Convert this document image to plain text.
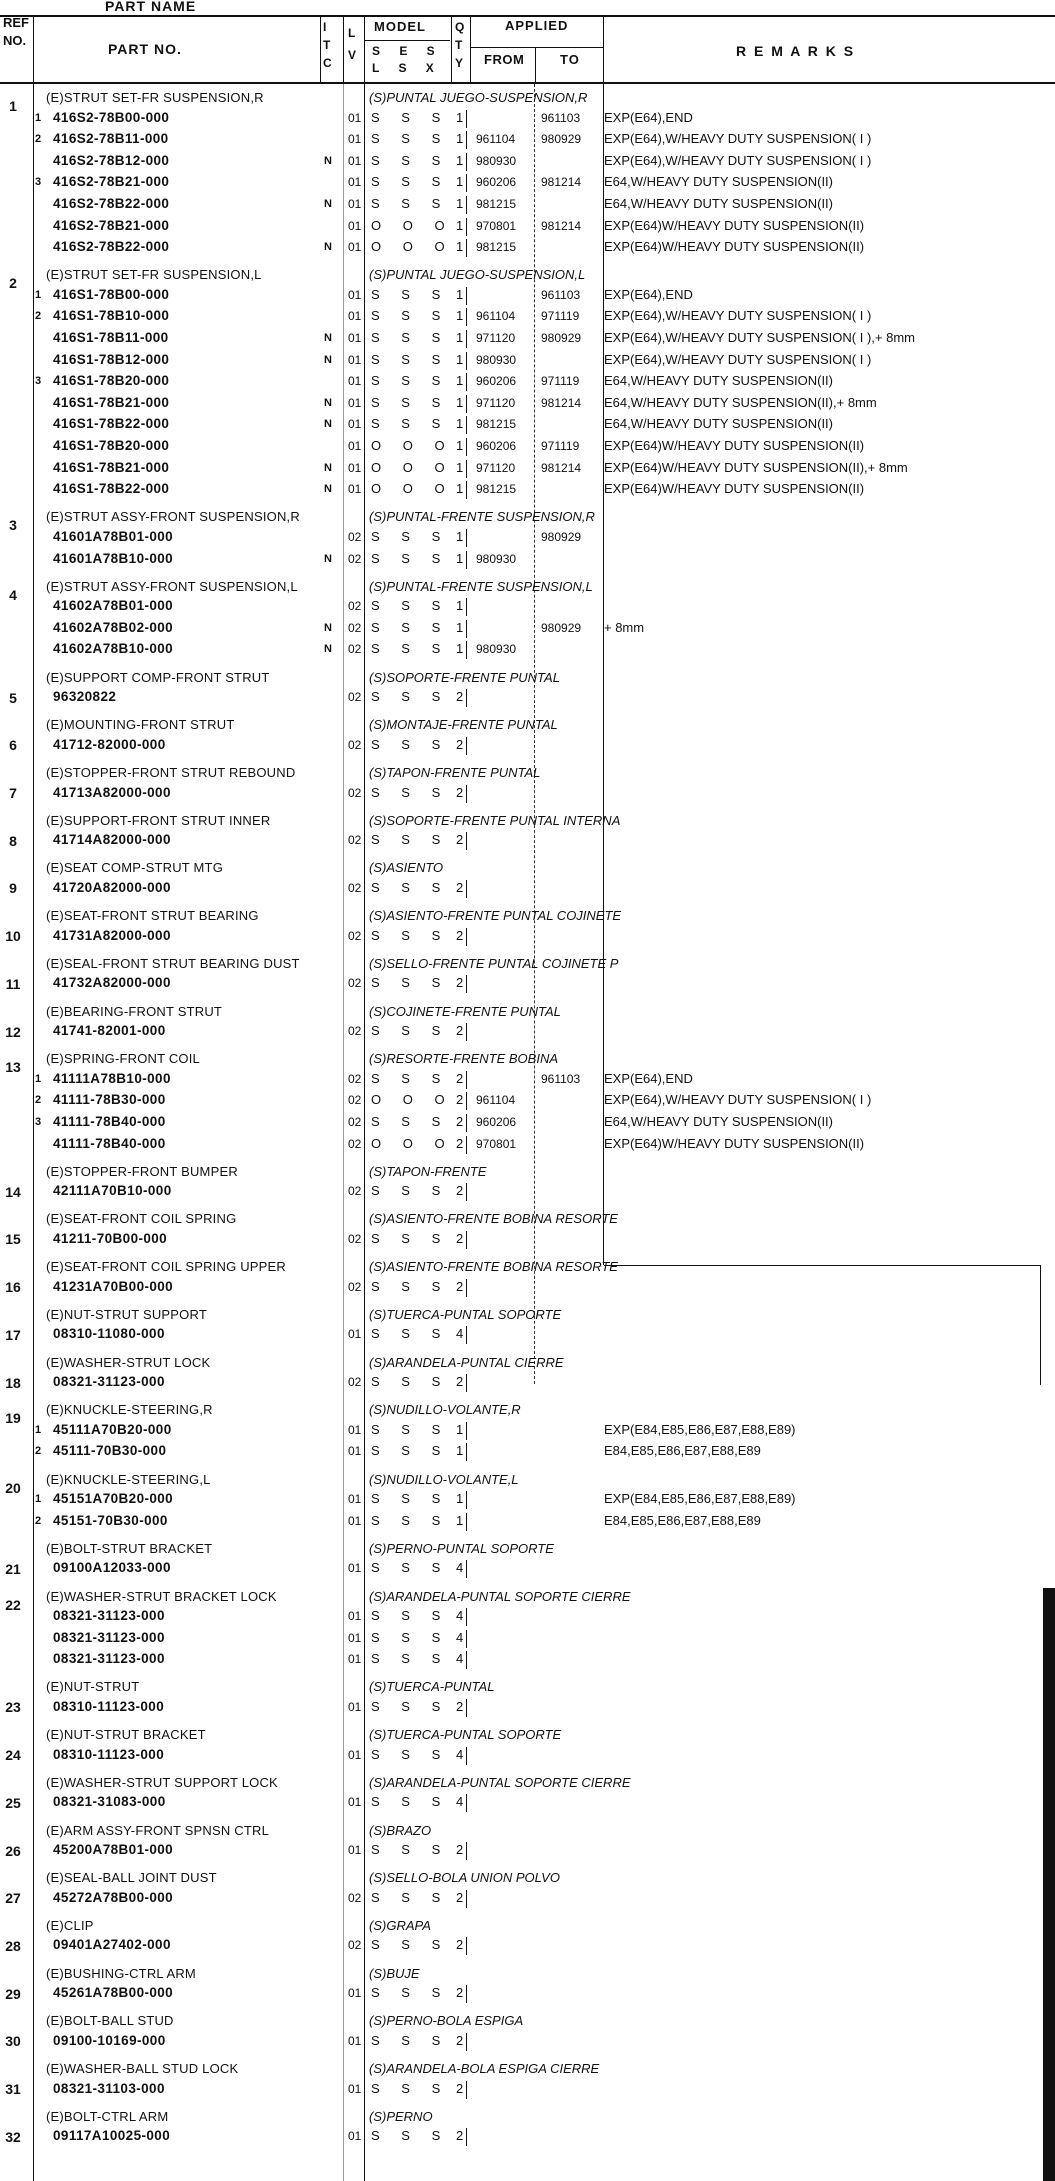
PART NAME
REF NO.
PART NO.
I T C
L V
MODEL
S E S L S X
Q T Y
APPLIED
FROM	TO
R E M A R K S
1
(E)STRUT SET-FR SUSPENSION,R	(S)PUNTAL JUEGO-SUSPENSION,R
1 416S2-78B00-000	01 S S S 1	961103 EXP(E64),END
2 416S2-78B11-000	01 S S S 1 961104 980929 EXP(E64),W/HEAVY DUTY SUSPENSION( I )
416S2-78B12-000	N 01 S S S 1 980930	EXP(E64),W/HEAVY DUTY SUSPENSION( I )
3 416S2-78B21-000	01 S S S 1 960206 981214 E64,W/HEAVY DUTY SUSPENSION(II)
416S2-78B22-000	N 01 S S S 1 981215	E64,W/HEAVY DUTY SUSPENSION(II)
416S2-78B21-000	01 O O O 1 970801 981214 EXP(E64)W/HEAVY DUTY SUSPENSION(II)
416S2-78B22-000	N 01 O O O 1 981215	EXP(E64)W/HEAVY DUTY SUSPENSION(II)
2
(E)STRUT SET-FR SUSPENSION,L	(S)PUNTAL JUEGO-SUSPENSION,L
1 416S1-78B00-000	01 S S S 1	961103 EXP(E64),END
2 416S1-78B10-000	01 S S S 1 961104 971119 EXP(E64),W/HEAVY DUTY SUSPENSION( I )
416S1-78B11-000	N 01 S S S 1 971120 980929 EXP(E64),W/HEAVY DUTY SUSPENSION( I ),+ 8mm
416S1-78B12-000	N 01 S S S 1 980930	EXP(E64),W/HEAVY DUTY SUSPENSION( I )
3 416S1-78B20-000	01 S S S 1 960206 971119 E64,W/HEAVY DUTY SUSPENSION(II)
416S1-78B21-000	N 01 S S S 1 971120 981214 E64,W/HEAVY DUTY SUSPENSION(II),+ 8mm
416S1-78B22-000	N 01 S S S 1 981215	E64,W/HEAVY DUTY SUSPENSION(II)
416S1-78B20-000	01 O O O 1 960206 971119 EXP(E64)W/HEAVY DUTY SUSPENSION(II)
416S1-78B21-000	N 01 O O O 1 971120 981214 EXP(E64)W/HEAVY DUTY SUSPENSION(II),+ 8mm
416S1-78B22-000	N 01 O O O 1 981215	EXP(E64)W/HEAVY DUTY SUSPENSION(II)
3
(E)STRUT ASSY-FRONT SUSPENSION,R	(S)PUNTAL-FRENTE SUSPENSION,R
41601A78B01-000	02 S S S 1	980929
41601A78B10-000	N 02 S S S 1 980930
4
(E)STRUT ASSY-FRONT SUSPENSION,L	(S)PUNTAL-FRENTE SUSPENSION,L
41602A78B01-000	02 S S S 1
41602A78B02-000	N 02 S S S 1	980929 + 8mm
41602A78B10-000	N 02 S S S 1 980930
5
(E)SUPPORT COMP-FRONT STRUT	(S)SOPORTE-FRENTE PUNTAL
96320822	02 S S S 2
6
(E)MOUNTING-FRONT STRUT	(S)MONTAJE-FRENTE PUNTAL
41712-82000-000	02 S S S 2
7
(E)STOPPER-FRONT STRUT REBOUND	(S)TAPON-FRENTE PUNTAL
41713A82000-000	02 S S S 2
8
(E)SUPPORT-FRONT STRUT INNER	(S)SOPORTE-FRENTE PUNTAL INTERNA
41714A82000-000	02 S S S 2
9
(E)SEAT COMP-STRUT MTG	(S)ASIENTO
41720A82000-000	02 S S S 2
10
(E)SEAT-FRONT STRUT BEARING	(S)ASIENTO-FRENTE PUNTAL COJINETE
41731A82000-000	02 S S S 2
11
(E)SEAL-FRONT STRUT BEARING DUST	(S)SELLO-FRENTE PUNTAL COJINETE P
41732A82000-000	02 S S S 2
12
(E)BEARING-FRONT STRUT	(S)COJINETE-FRENTE PUNTAL
41741-82001-000	02 S S S 2
13
(E)SPRING-FRONT COIL	(S)RESORTE-FRENTE BOBINA
1 41111A78B10-000	02 S S S 2	961103 EXP(E64),END
2 41111-78B30-000	02 O O O 2 961104	EXP(E64),W/HEAVY DUTY SUSPENSION( I )
3 41111-78B40-000	02 S S S 2 960206	E64,W/HEAVY DUTY SUSPENSION(II)
41111-78B40-000	02 O O O 2 970801	EXP(E64)W/HEAVY DUTY SUSPENSION(II)
14
(E)STOPPER-FRONT BUMPER	(S)TAPON-FRENTE
42111A70B10-000	02 S S S 2
15
(E)SEAT-FRONT COIL SPRING	(S)ASIENTO-FRENTE BOBINA RESORTE
41211-70B00-000	02 S S S 2
16
(E)SEAT-FRONT COIL SPRING UPPER	(S)ASIENTO-FRENTE BOBINA RESORTE
41231A70B00-000	02 S S S 2
17
(E)NUT-STRUT SUPPORT	(S)TUERCA-PUNTAL SOPORTE
08310-11080-000	01 S S S 4
18
(E)WASHER-STRUT LOCK	(S)ARANDELA-PUNTAL CIERRE
08321-31123-000	02 S S S 2
19
(E)KNUCKLE-STEERING,R	(S)NUDILLO-VOLANTE,R
1 45111A70B20-000	01 S S S 1	EXP(E84,E85,E86,E87,E88,E89)
2 45111-70B30-000	01 S S S 1	E84,E85,E86,E87,E88,E89
20
(E)KNUCKLE-STEERING,L	(S)NUDILLO-VOLANTE,L
1 45151A70B20-000	01 S S S 1	EXP(E84,E85,E86,E87,E88,E89)
2 45151-70B30-000	01 S S S 1	E84,E85,E86,E87,E88,E89
21
(E)BOLT-STRUT BRACKET	(S)PERNO-PUNTAL SOPORTE
09100A12033-000	01 S S S 4
22
(E)WASHER-STRUT BRACKET LOCK	(S)ARANDELA-PUNTAL SOPORTE CIERRE
08321-31123-000	01 S S S 4
08321-31123-000	01 S S S 4
08321-31123-000	01 S S S 4
23
(E)NUT-STRUT	(S)TUERCA-PUNTAL
08310-11123-000	01 S S S 2
24
(E)NUT-STRUT BRACKET	(S)TUERCA-PUNTAL SOPORTE
08310-11123-000	01 S S S 4
25
(E)WASHER-STRUT SUPPORT LOCK	(S)ARANDELA-PUNTAL SOPORTE CIERRE
08321-31083-000	01 S S S 4
26
(E)ARM ASSY-FRONT SPNSN CTRL	(S)BRAZO
45200A78B01-000	01 S S S 2
27
(E)SEAL-BALL JOINT DUST	(S)SELLO-BOLA UNION POLVO
45272A78B00-000	02 S S S 2
28
(E)CLIP	(S)GRAPA
09401A27402-000	02 S S S 2
29
(E)BUSHING-CTRL ARM	(S)BUJE
45261A78B00-000	01 S S S 2
30
(E)BOLT-BALL STUD	(S)PERNO-BOLA ESPIGA
09100-10169-000	01 S S S 2
31
(E)WASHER-BALL STUD LOCK	(S)ARANDELA-BOLA ESPIGA CIERRE
08321-31103-000	01 S S S 2
32
(E)BOLT-CTRL ARM	(S)PERNO
09117A10025-000	01 S S S 2
